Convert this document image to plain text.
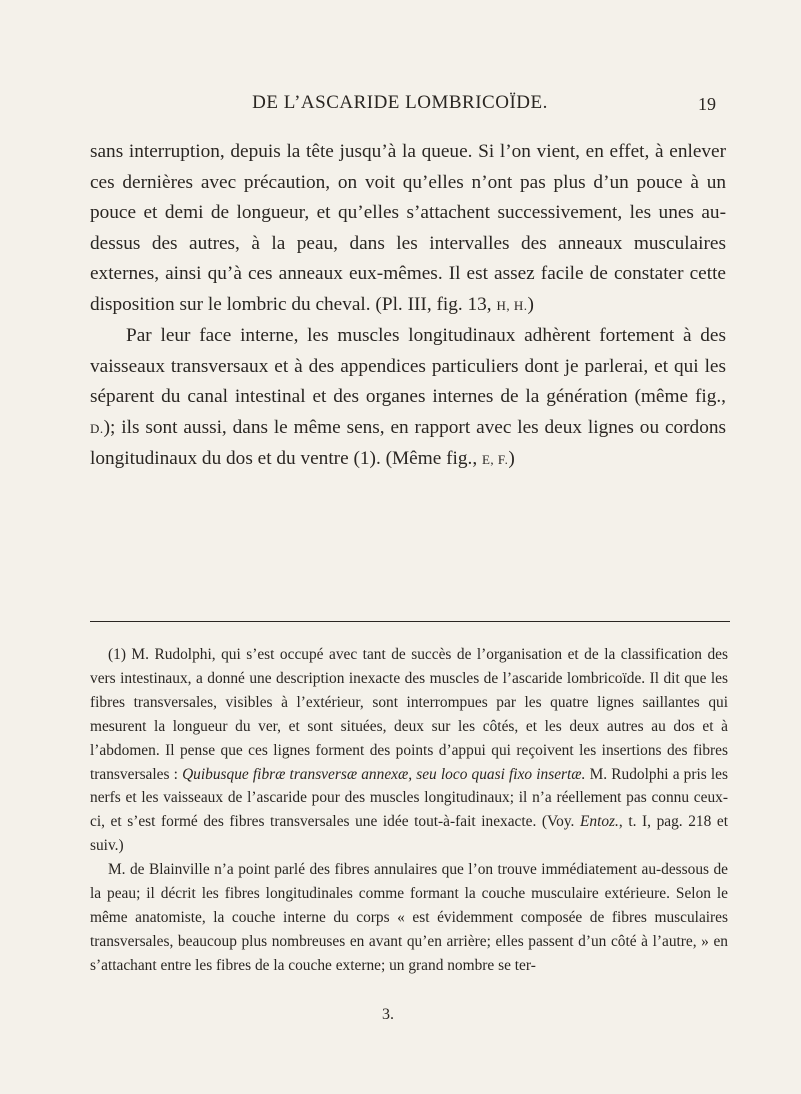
DE L’ASCARIDE LOMBRICOÏDE.	19

sans interruption, depuis la tête jusqu’à la queue. Si l’on vient, en effet, à enlever ces dernières avec précaution, on voit qu’elles n’ont pas plus d’un pouce à un pouce et demi de longueur, et qu’elles s’attachent successivement, les unes au-dessus des autres, à la peau, dans les intervalles des anneaux musculaires externes, ainsi qu’à ces anneaux eux-mêmes. Il est assez facile de constater cette disposition sur le lombric du cheval. (Pl. III, fig. 13, H, H.)

Par leur face interne, les muscles longitudinaux adhèrent fortement à des vaisseaux transversaux et à des appendices particuliers dont je parlerai, et qui les séparent du canal intestinal et des organes internes de la génération (même fig., D.); ils sont aussi, dans le même sens, en rapport avec les deux lignes ou cordons longitudinaux du dos et du ventre (1). (Même fig., E, F.)

(1) M. Rudolphi, qui s’est occupé avec tant de succès de l’organisation et de la classification des vers intestinaux, a donné une description inexacte des muscles de l’ascaride lombricoïde. Il dit que les fibres transversales, visibles à l’extérieur, sont interrompues par les quatre lignes saillantes qui mesurent la longueur du ver, et sont situées, deux sur les côtés, et les deux autres au dos et à l’abdomen. Il pense que ces lignes forment des points d’appui qui reçoivent les insertions des fibres transversales : Quibusque fibræ transversæ annexæ, seu loco quasi fixo insertæ. M. Rudolphi a pris les nerfs et les vaisseaux de l’ascaride pour des muscles longitudinaux; il n’a réellement pas connu ceux-ci, et s’est formé des fibres transversales une idée tout-à-fait inexacte. (Voy. Entoz., t. I, pag. 218 et suiv.)

M. de Blainville n’a point parlé des fibres annulaires que l’on trouve immédiatement au-dessous de la peau; il décrit les fibres longitudinales comme formant la couche musculaire extérieure. Selon le même anatomiste, la couche interne du corps « est évidemment composée de fibres musculaires transversales, beaucoup plus nombreuses en avant qu’en arrière; elles passent d’un côté à l’autre, » en s’attachant entre les fibres de la couche externe; un grand nombre se ter-

3.
